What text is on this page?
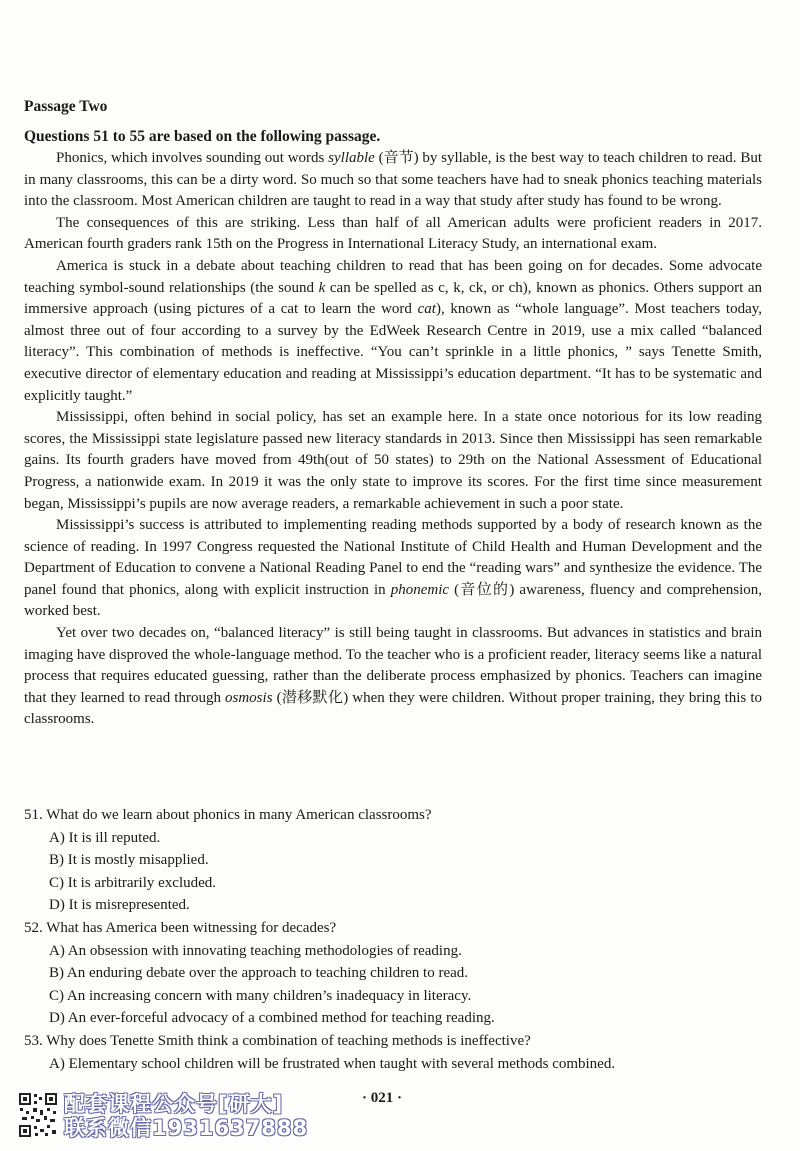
Passage Two
Questions 51 to 55 are based on the following passage.

Phonics, which involves sounding out words syllable (音节) by syllable, is the best way to teach children to read. But in many classrooms, this can be a dirty word. So much so that some teachers have had to sneak phonics teaching materials into the classroom. Most American children are taught to read in a way that study after study has found to be wrong.

The consequences of this are striking. Less than half of all American adults were proficient readers in 2017. American fourth graders rank 15th on the Progress in International Literacy Study, an international exam.

America is stuck in a debate about teaching children to read that has been going on for decades. Some advocate teaching symbol-sound relationships (the sound k can be spelled as c, k, ck, or ch), known as phonics. Others support an immersive approach (using pictures of a cat to learn the word cat), known as “whole language”. Most teachers today, almost three out of four according to a survey by the EdWeek Research Centre in 2019, use a mix called “balanced literacy”. This combination of methods is ineffective. “You can’t sprinkle in a little phonics, ” says Tenette Smith, executive director of elementary education and reading at Mississippi’s education department. “It has to be systematic and explicitly taught.”

Mississippi, often behind in social policy, has set an example here. In a state once notorious for its low reading scores, the Mississippi state legislature passed new literacy standards in 2013. Since then Mississippi has seen remarkable gains. Its fourth graders have moved from 49th(out of 50 states) to 29th on the National Assessment of Educational Progress, a nationwide exam. In 2019 it was the only state to improve its scores. For the first time since measurement began, Mississippi’s pupils are now average readers, a remarkable achievement in such a poor state.

Mississippi’s success is attributed to implementing reading methods supported by a body of research known as the science of reading. In 1997 Congress requested the National Institute of Child Health and Human Development and the Department of Education to convene a National Reading Panel to end the “reading wars” and synthesize the evidence. The panel found that phonics, along with explicit instruction in phonemic (音位的) awareness, fluency and comprehension, worked best.

Yet over two decades on, “balanced literacy” is still being taught in classrooms. But advances in statistics and brain imaging have disproved the whole-language method. To the teacher who is a proficient reader, literacy seems like a natural process that requires educated guessing, rather than the deliberate process emphasized by phonics. Teachers can imagine that they learned to read through osmosis (潜移默化) when they were children. Without proper training, they bring this to classrooms.

51. What do we learn about phonics in many American classrooms?

A) It is ill reputed.
B) It is mostly misapplied.
C) It is arbitrarily excluded.
D) It is misrepresented.

52. What has America been witnessing for decades?

A) An obsession with innovating teaching methodologies of reading.
B) An enduring debate over the approach to teaching children to read.
C) An increasing concern with many children’s inadequacy in literacy.
D) An ever-forceful advocacy of a combined method for teaching reading.

53. Why does Tenette Smith think a combination of teaching methods is ineffective?

A) Elementary school children will be frustrated when taught with several methods combined.
· 021 ·
配套课程公众号[研大]
联系微信1931637888
